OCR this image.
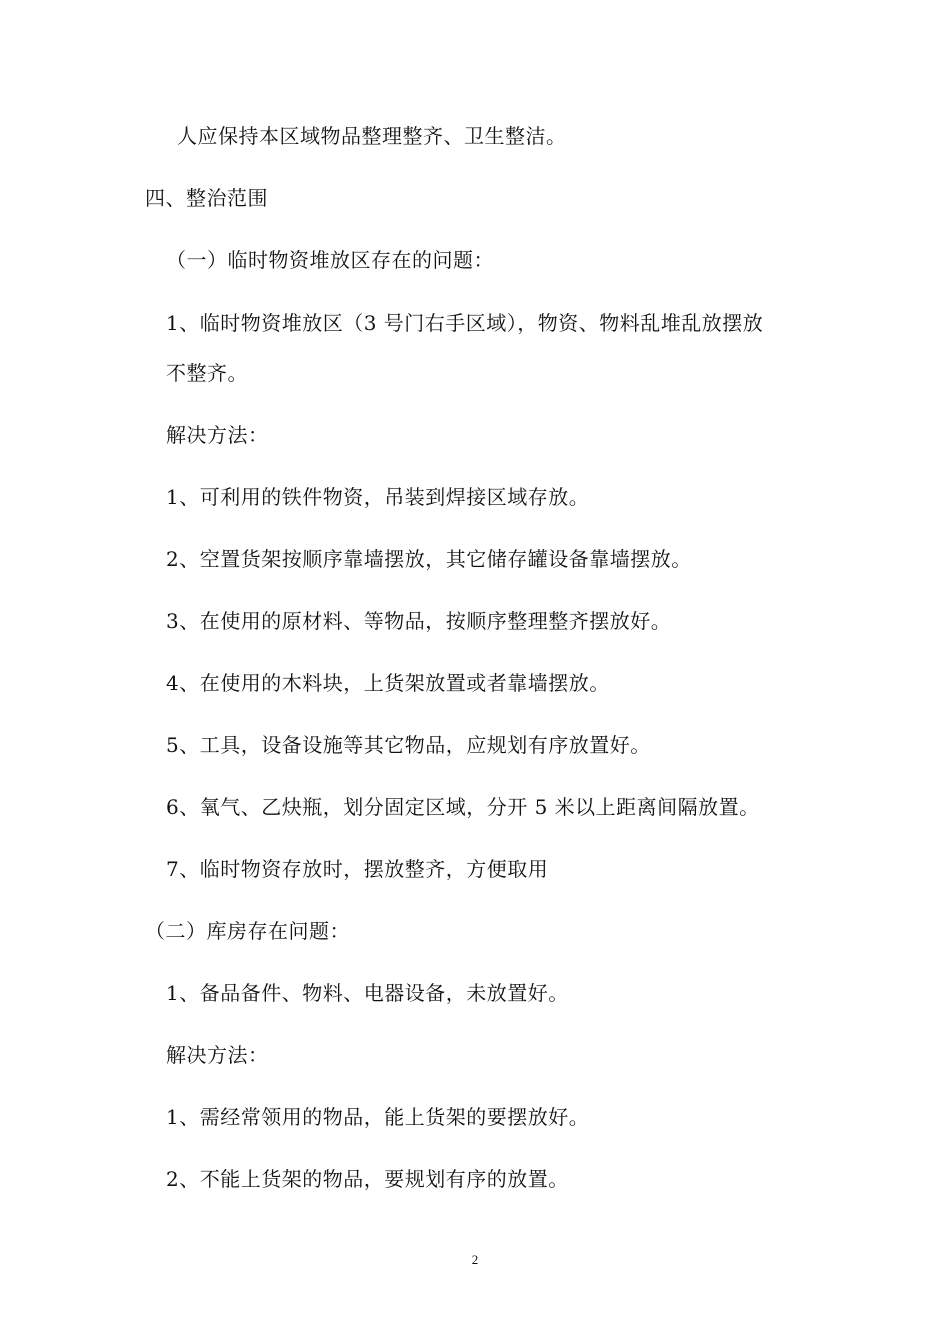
人应保持本区域物品整理整齐、卫生整洁。
四、整治范围
（一）临时物资堆放区存在的问题：
1、临时物资堆放区（3 号门右手区域），物资、物料乱堆乱放摆放
不整齐。
解决方法：
1、可利用的铁件物资，吊装到焊接区域存放。
2、空置货架按顺序靠墙摆放，其它储存罐设备靠墙摆放。
3、在使用的原材料、等物品，按顺序整理整齐摆放好。
4、在使用的木料块，上货架放置或者靠墙摆放。
5、工具，设备设施等其它物品，应规划有序放置好。
6、氧气、乙炔瓶，划分固定区域，分开 5 米以上距离间隔放置。
7、临时物资存放时，摆放整齐，方便取用
（二）库房存在问题：
1、备品备件、物料、电器设备，未放置好。
解决方法：
1、需经常领用的物品，能上货架的要摆放好。
2、不能上货架的物品，要规划有序的放置。
2
